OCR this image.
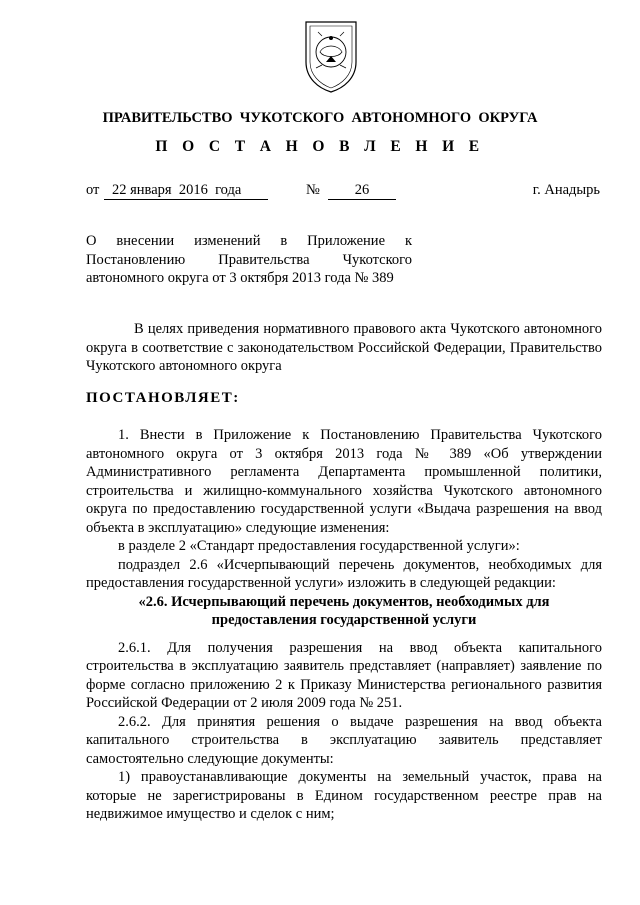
ПРАВИТЕЛЬСТВО  ЧУКОТСКОГО  АВТОНОМНОГО  ОКРУГА
П О С Т А Н О В Л Е Н И Е
от 22 января  2016  года	№	26	г. Анадырь
О внесении изменений в Приложение к
Постановлению Правительства Чукотского
автономного округа от 3 октября 2013 года № 389
В целях приведения нормативного правового акта Чукотского автономного округа в соответствие с законодательством Российской Федерации, Правительство Чукотского автономного округа
ПОСТАНОВЛЯЕТ:

1. Внести в Приложение к Постановлению Правительства Чукотского автономного округа от 3 октября 2013 года № 389 «Об утверждении Административного регламента Департамента промышленной политики, строительства и жилищно-коммунального хозяйства Чукотского автономного округа по предоставлению государственной услуги «Выдача разрешения на ввод объекта в эксплуатацию» следующие изменения:

в разделе 2 «Стандарт предоставления государственной услуги»:

подраздел 2.6 «Исчерпывающий перечень документов, необходимых для предоставления государственной услуги» изложить в следующей редакции:

«2.6. Исчерпывающий перечень документов, необходимых для

предоставления государственной услуги

2.6.1. Для получения разрешения на ввод объекта капитального строительства в эксплуатацию заявитель представляет (направляет) заявление по форме согласно приложению 2 к Приказу Министерства регионального развития Российской Федерации от 2 июля 2009 года № 251.

2.6.2. Для принятия решения о выдаче разрешения на ввод объекта капитального строительства в эксплуатацию заявитель представляет самостоятельно следующие документы:

1) правоустанавливающие документы на земельный участок, права на которые не зарегистрированы в Едином государственном реестре прав на недвижимое имущество и сделок с ним;
